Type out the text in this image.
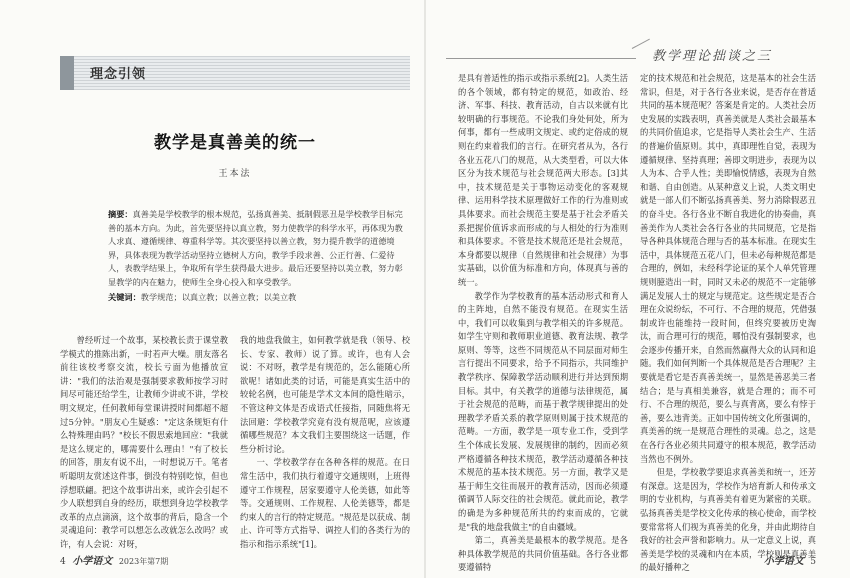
理念引领
教学是真善美的统一
王本法
摘要：真善美是学校教学的根本规范，弘扬真善美、抵制假恶丑是学校教学目标完善的基本方向。为此，首先要坚持以真立教，努力使教学的科学水平，再体现为教人求真、遵循规律、尊重科学等。其次要坚持以善立教，努力提升教学的道德境界，具体表现为教学活动坚持立德树人方向，教学手段求善、公正行善、仁爱待人，表教学结果上，争取所有学生获得最大进步。最后还要坚持以美立教，努力彰显教学的内在魅力，使师生全身心投入和享受教学。
关键词：教学规范；以真立教；以善立教；以美立教

曾经听过一个故事，某校教长责于课堂教学模式的推陈出新，一时若声大噪。朋友落名前往该校考察交流，校长亏面为他播放宣讲："我们的法治观是强制要求教师按学习时间尽可能还给学生，让教师少讲或不讲，学校明文规定，任何教师每堂课讲授时间都超不超过5分钟。"朋友心生疑惑："定这条规矩有什么特殊理由吗？"校长不假思索地回应："我就是这么规定的，哪需要什么理由！"有了校长的回答，朋友有说不出，一时想说万千。笔者听聪明友赏述这件事，倒没有特别吃惊，但也浮想联翩。把这个故事讲出来，或许会引起不少人联想到自身的经历，联想到身边学校教学改革的点点滴滴，这个故事的背后，隐含一个灵魂追问：教学可以想怎么改就怎么改吗？或许，有人会说：对呀，

我的地盘我做主，如何教学就是我（领导、校长、专家、教师）说了算。或许，也有人会说：不对呀，教学是有规范的，怎么能随心所欲呢！诸如此类的讨话，可能是真实生活中的较轮名例，也可能是学术文本间的隐性暗示，不管这种文体是否成语式任接指，同随焦将无法回避：学校教学究竟有没有规范呢，应该遵循哪些规范？本文我们主要围绕这一话题，作些分析讨论。

一、学校教学存在各种各样的规范。在日常生活中，我们执行着遵守交通规则，上班得遵守工作规程，居家要遵守人伦美德，如此等等。交通规则、工作规程、人伦美德等，都是约束人的言行的特定规范。"规范是以获成、制止、许可等方式指导、调控人们的各类行为的指示和指示系统"[1]。

4 小学语文 2023年第7期
教学理论拙谈之三

是具有普适性的指示或指示系统[2]。人类生活的各个领域，都有特定的规范，如政治、经济、军事、科技、教育活动，自古以来就有比较明确的行事规范。不论我们身处何处，所为何事，都有一些成明文规定、或约定俗成的规则在约束着我们的言行。在研究者从为，各行各业五花八门的规范，从大类型看，可以大体区分为技术规范与社会规范两大形态。[3]其中，技术规范是关于事物运动变化的客观规律、运用科学技术原理做好工作的行为准则或具体要求。而社会规范主要是基于社会矛盾关系把握价值诉求而形成的与人相处的行为准则和具体要求。不管是技术规范还是社会规范，本身都要以规律（自然规律和社会规律）为事实基础，以价值为标准和方向，体现真与善的统一。

教学作为学校教育的基本活动形式和育人的主阵地，自然不能没有规范。在现实生活中，我们可以收集到与教学相关的许多规范。如学生守则和教师职业道德、教育法规、教学原则、等等，这些不同规范从不同层面对师生言行提出不同要求，给予不同指示，共同维护教学秩序、保障教学活动顺利进行并达到预期目标。其中，有关教学的道德与法律规范，属于社会规范的范畴，而基于教学规律提出的处理教学矛盾关系的教学原则则属于技术规范的范畴。一方面，教学是一项专业工作，受到学生个体成长发展、发展规律的制约，因而必须严格遵循各种技术规范，教学活动遵循各种技术规范的基本技术规范。另一方面，教学又是基于师生交往而展开的教育活动，因而必须遵循调节人际交往的社会规范。就此而论，教学的确是为多种规范所共的约束而成的，它就是"我的地盘我做主"的自由疆域。

第二，真善美是最根本的教学规范。是各种具体教学规范的共同价值基础。各行各业都要遵循特

定的技术规范和社会规范，这是基本的社会生活常识，但是，对于各行各业来说，是否存在普适共同的基本规范呢？答案是肯定的。人类社会历史发展的实践表明，真善美就是人类社会最基本的共同价值追求，它是指导人类社会生产、生活的普遍价值原则。其中，真即理性自觉，表现为遵循规律、坚持真理；善即文明进步，表现为以人为本、合乎人性；美即愉悦情感，表现为自然和谐、自由创造。从某种意义上说，人类文明史就是一部人们不断弘扬真善美、努力消除假恶丑的奋斗史。各行各业不断自我进化的协奏曲，真善美作为人类社会各行各业的共同规范，它是指导各种具体规范合理与否的基本标准。在现实生活中，具体规范五花八门，但未必每种规范都是合理的，例如，未经科学论证的某个人单凭管理规则臆造出一时，同时又未必的规范不一定能够满足发展人士的规定与规范定。这些规定是否合理在众说纷纭，不可行、不合理的规范，凭借强制或许也能维持一段时间，但终究要被历史淘汰，而合理可行的规范，哪怕没有强制要求，也会逐步传播开来，自然而然赢得大众的认同和追随。我们如何判断一个具体规范是否合理呢？主要就是看它是否真善美统一，显然是善恶美三者结合；是与真相美兼容，就是合理的；而不可行、不合理的规范，要么与真背离，要么有悖于善，要么违背美。正如中国传统文化所强调的，真美善的统一是规范合理性的灵魂。总之，这是在各行各业必须共同遵守的根本规范，教学活动当然也不例外。

但是，学校教学要追求真善美和统一，还芳有深意。这是因为，学校作为培育新人和传承文明的专业机构，与真善美有着更为紧密的关联。弘扬真善美是学校文化传承的核心使命，而学校要常常将人们视为真善美的化身，并由此期待自我好的社会声誉和影响力。从一定意义上说，真善美是学校的灵魂和内在本质，学校则是真善美的最好播种之

小学语文 5
